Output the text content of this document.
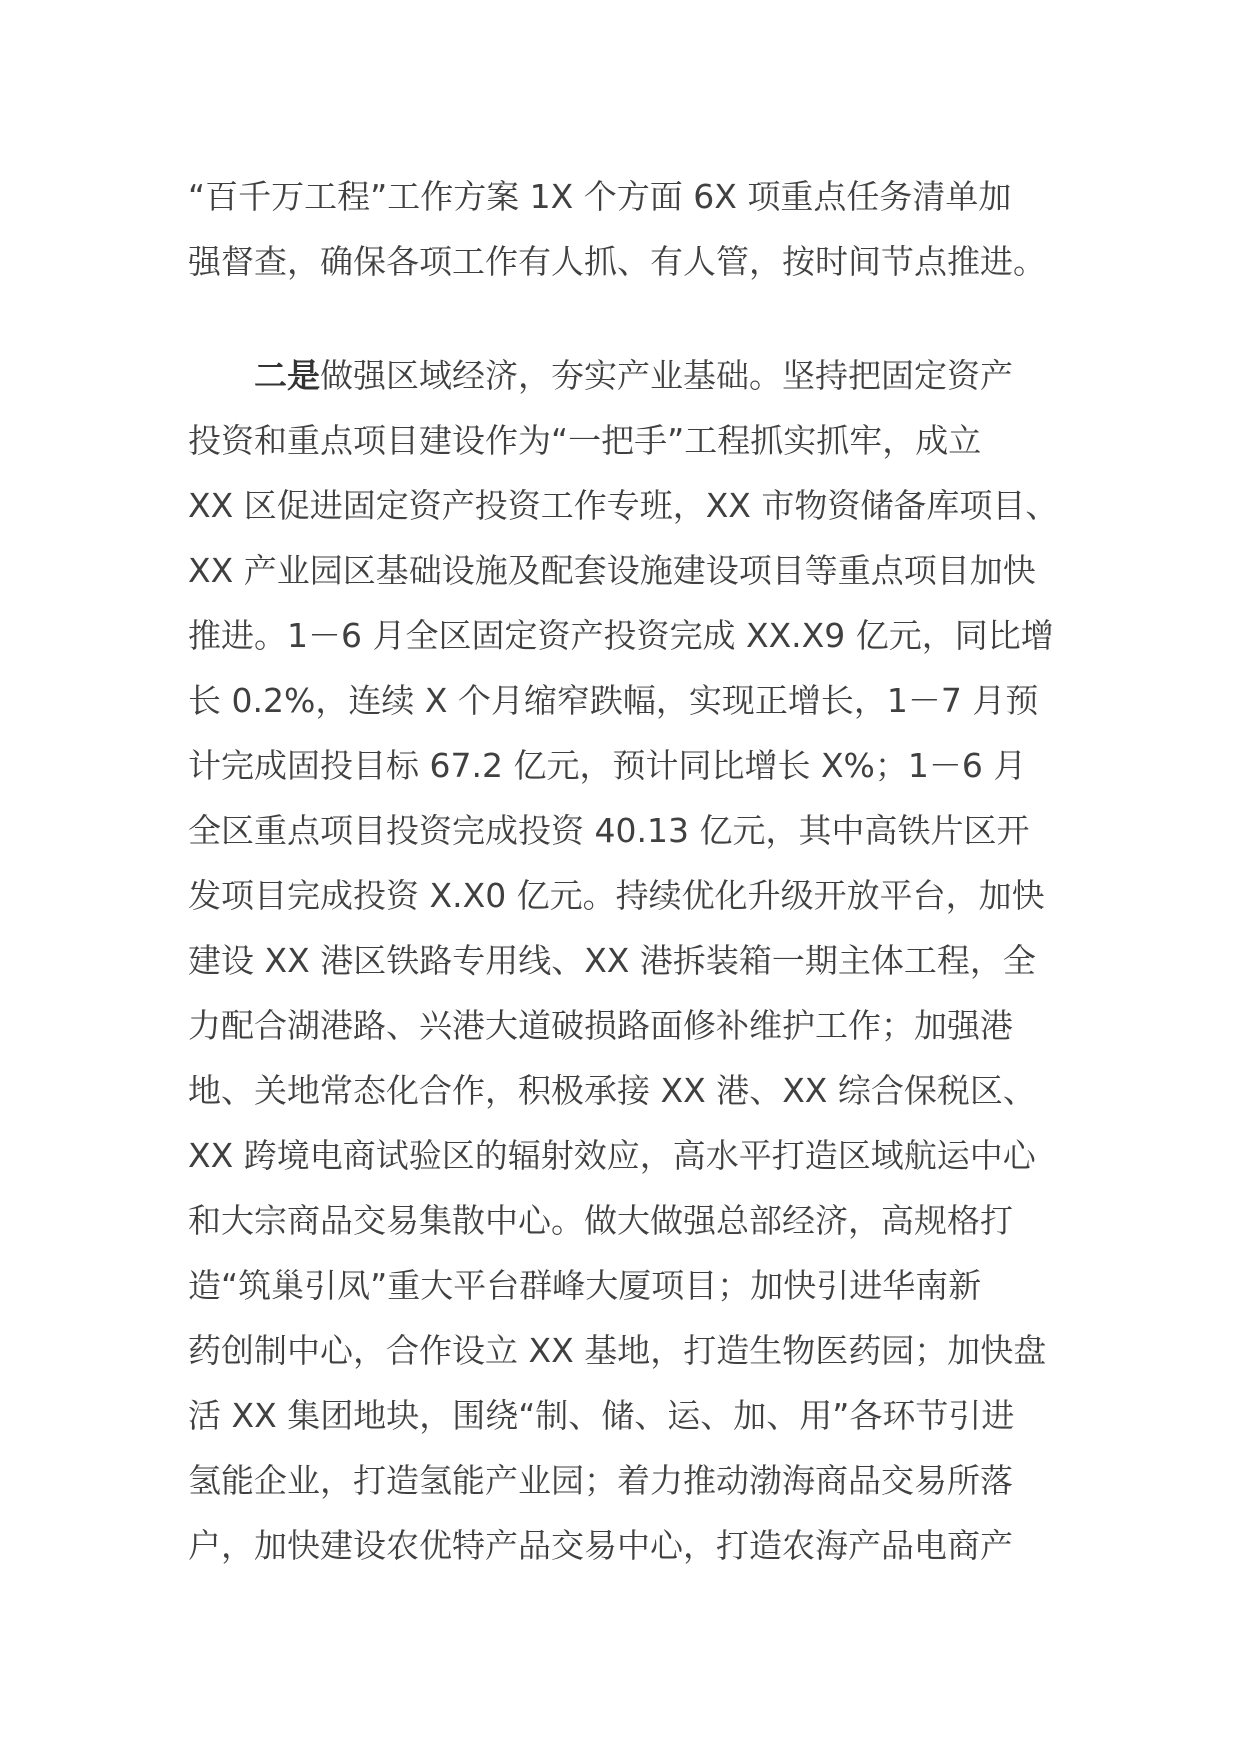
“百千万工程”工作方案 1X 个方面 6X 项重点任务清单加
强督查，确保各项工作有人抓、有人管，按时间节点推进。
二是做强区域经济，夯实产业基础。坚持把固定资产
投资和重点项目建设作为“一把手”工程抓实抓牢，成立
XX 区促进固定资产投资工作专班，XX 市物资储备库项目、
XX 产业园区基础设施及配套设施建设项目等重点项目加快
推进。1－6 月全区固定资产投资完成 XX.X9 亿元，同比增
长 0.2%，连续 X 个月缩窄跌幅，实现正增长，1－7 月预
计完成固投目标 67.2 亿元，预计同比增长 X%；1－6 月
全区重点项目投资完成投资 40.13 亿元，其中高铁片区开
发项目完成投资 X.X0 亿元。持续优化升级开放平台，加快
建设 XX 港区铁路专用线、XX 港拆装箱一期主体工程，全
力配合湖港路、兴港大道破损路面修补维护工作；加强港
地、关地常态化合作，积极承接 XX 港、XX 综合保税区、
XX 跨境电商试验区的辐射效应，高水平打造区域航运中心
和大宗商品交易集散中心。做大做强总部经济，高规格打
造“筑巢引凤”重大平台群峰大厦项目；加快引进华南新
药创制中心，合作设立 XX 基地，打造生物医药园；加快盘
活 XX 集团地块，围绕“制、储、运、加、用”各环节引进
氢能企业，打造氢能产业园；着力推动渤海商品交易所落
户，加快建设农优特产品交易中心，打造农海产品电商产
